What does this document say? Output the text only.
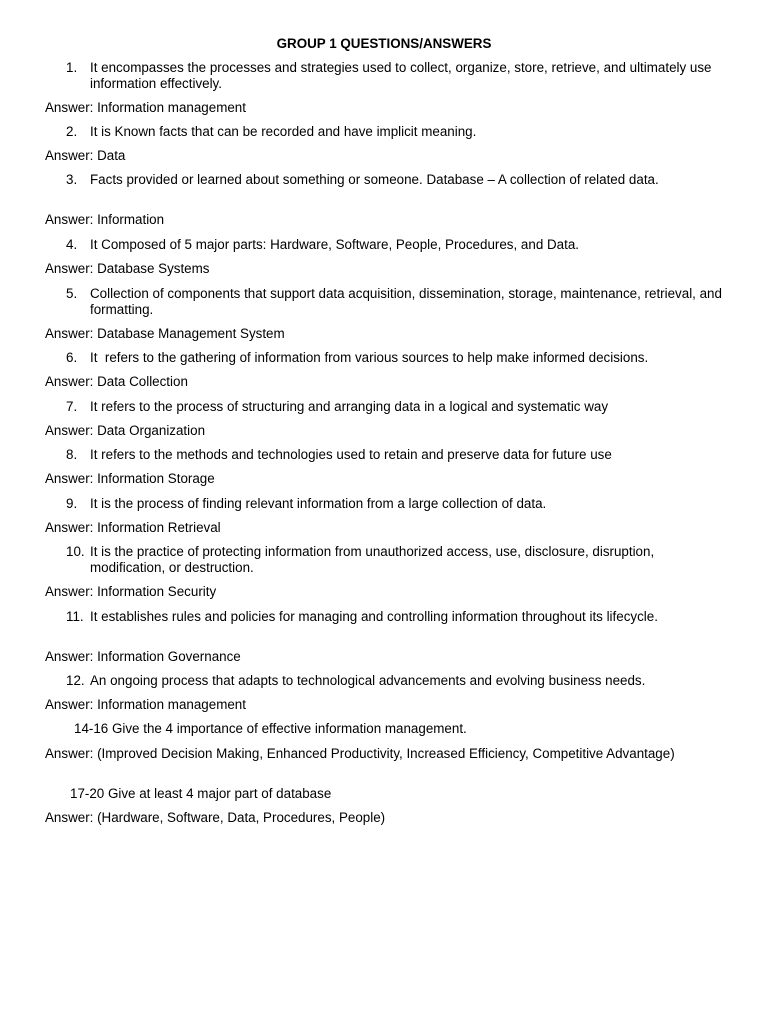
GROUP 1 QUESTIONS/ANSWERS
1. It encompasses the processes and strategies used to collect, organize, store, retrieve, and ultimately use information effectively.
Answer: Information management
2. It is Known facts that can be recorded and have implicit meaning.
Answer: Data
3. Facts provided or learned about something or someone. Database – A collection of related data.
Answer: Information
4. It Composed of 5 major parts: Hardware, Software, People, Procedures, and Data.
Answer: Database Systems
5. Collection of components that support data acquisition, dissemination, storage, maintenance, retrieval, and formatting.
Answer: Database Management System
6. It  refers to the gathering of information from various sources to help make informed decisions.
Answer: Data Collection
7. It refers to the process of structuring and arranging data in a logical and systematic way
Answer: Data Organization
8. It refers to the methods and technologies used to retain and preserve data for future use
Answer: Information Storage
9. It is the process of finding relevant information from a large collection of data.
Answer: Information Retrieval
10. It is the practice of protecting information from unauthorized access, use, disclosure, disruption, modification, or destruction.
Answer: Information Security
11. It establishes rules and policies for managing and controlling information throughout its lifecycle.
Answer: Information Governance
12. An ongoing process that adapts to technological advancements and evolving business needs.
Answer: Information management
14-16 Give the 4 importance of effective information management.
Answer: (Improved Decision Making, Enhanced Productivity, Increased Efficiency, Competitive Advantage)
17-20 Give at least 4 major part of database
Answer: (Hardware, Software, Data, Procedures, People)
